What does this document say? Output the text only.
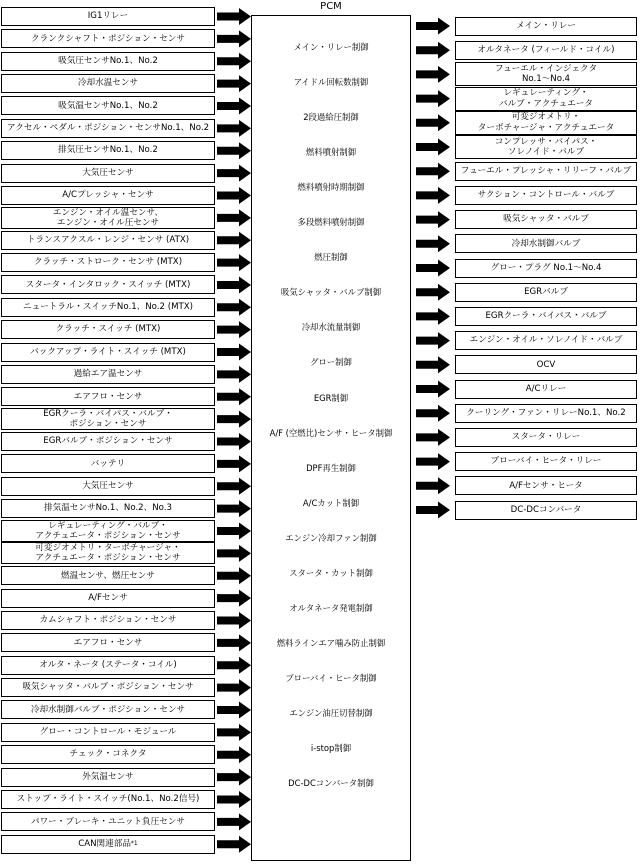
PCM
IG1リレー
クランクシャフト・ポジション・センサ
吸気圧センサNo.1、No.2
冷却水温センサ
吸気温センサNo.1、No.2
アクセル・ペダル・ポジション・センサNo.1、No.2
排気圧センサNo.1、No.2
大気圧センサ
A/Cプレッシャ・センサ
エンジン・オイル温センサ、
エンジン・オイル圧センサ
トランスアクスル・レンジ・センサ (ATX)
クラッチ・ストローク・センサ (MTX)
スタータ・インタロック・スイッチ (MTX)
ニュートラル・スイッチNo.1、No.2 (MTX)
クラッチ・スイッチ (MTX)
バックアップ・ライト・スイッチ (MTX)
過給エア温センサ
エアフロ・センサ
EGRクーラ・バイパス・バルブ・
ポジション・センサ
EGRバルブ・ポジション・センサ
バッテリ
大気圧センサ
排気温センサNo.1、No.2、No.3
レギュレーティング・バルブ・
アクチュエータ・ポジション・センサ
可変ジオメトリ・ターボチャージャ・
アクチュエータ・ポジション・センサ
燃温センサ、燃圧センサ
A/Fセンサ
カムシャフト・ポジション・センサ
エアフロ・センサ
オルタ・ネータ (ステータ・コイル)
吸気シャッタ・バルブ・ポジション・センサ
冷却水制御バルブ・ポジション・センサ
グロー・コントロール・モジュール
チェック・コネクタ
外気温センサ
ストップ・ライト・スイッチ(No.1、No.2信号)
パワー・ブレーキ・ユニット負圧センサ
CAN関連部品 *1
メイン・リレー制御
アイドル回転数制御
2段過給圧制御
燃料噴射制御
燃料噴射時期制御
多段燃料噴射制御
燃圧制御
吸気シャッタ・バルブ制御
冷却水流量制御
グロー制御
EGR制御
A/F (空燃比)センサ・ヒータ制御
DPF再生制御
A/Cカット制御
エンジン冷却ファン制御
スタータ・カット制御
オルタネータ発電制御
燃料ラインエア噛み防止制御
ブローバイ・ヒータ制御
エンジン油圧切替制御
i-stop制御
DC-DCコンバータ制御
メイン・リレー
オルタネータ (フィールド・コイル)
フューエル・インジェクタ
No.1～No.4
レギュレーティング・
バルブ・アクチュエータ
可変ジオメトリ・
ターボチャージャ・アクチュエータ
コンプレッサ・バイパス・
ソレノイド・バルブ
フューエル・プレッシャ・リリーフ・バルブ
サクション・コントロール・バルブ
吸気シャッタ・バルブ
冷却水制御バルブ
グロー・プラグ No.1～No.4
EGRバルブ
EGRクーラ・バイパス・バルブ
エンジン・オイル・ソレノイド・バルブ
OCV
A/Cリレー
クーリング・ファン・リレーNo.1、No.2
スタータ・リレー
ブローバイ・ヒータ・リレー
A/Fセンサ・ヒータ
DC-DCコンバータ
